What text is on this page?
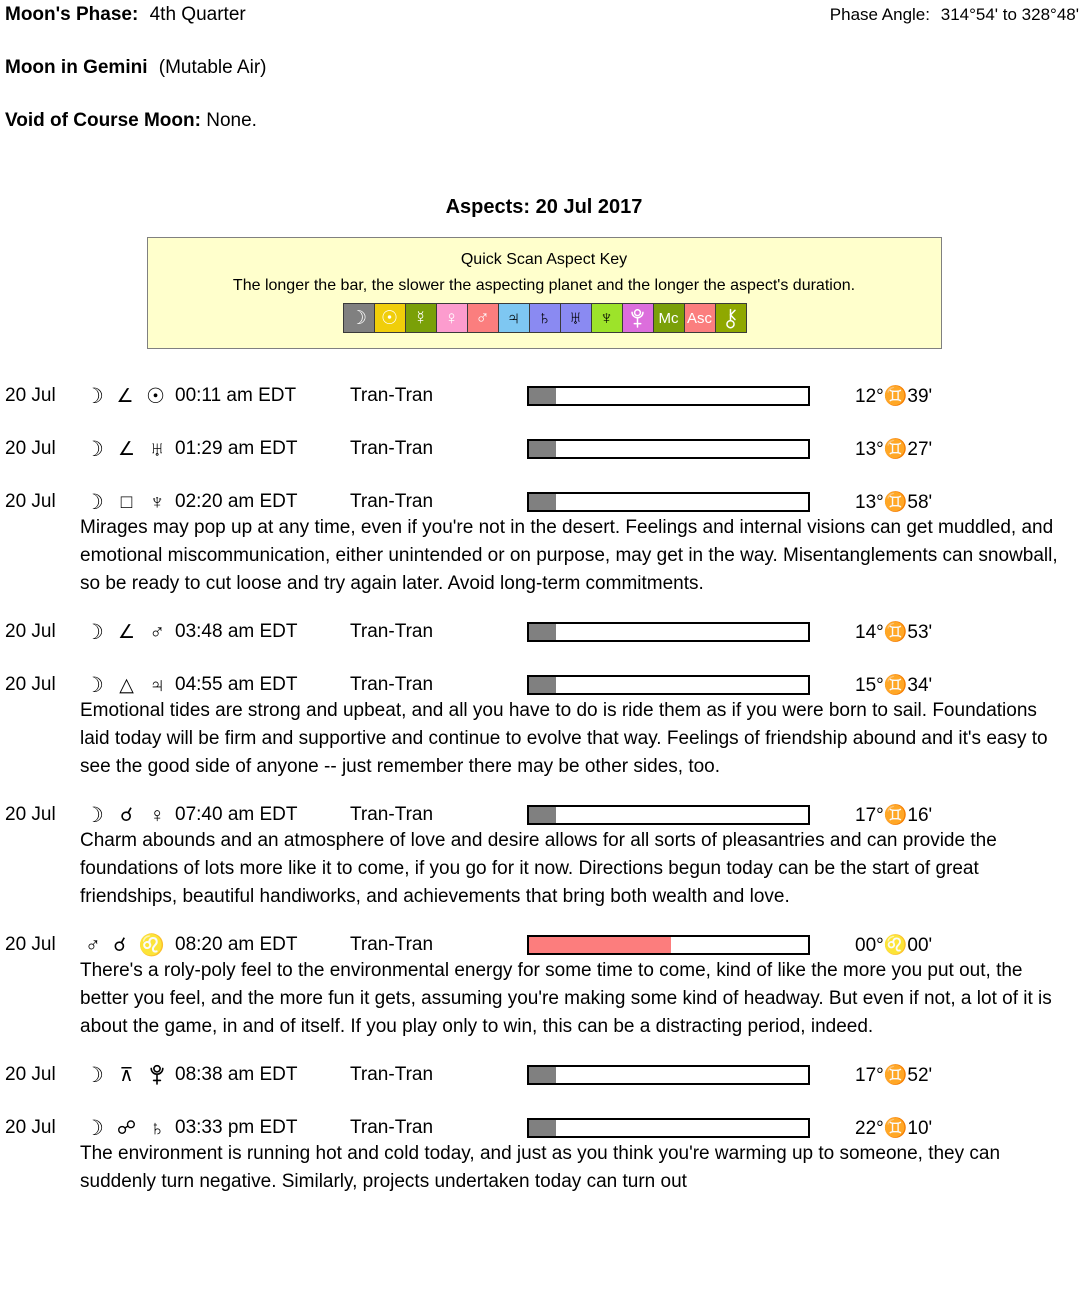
Moon's Phase: 4th Quarter	Phase Angle: 314°54' to 328°48'
Moon in Gemini (Mutable Air)
Void of Course Moon: None.
Aspects: 20 Jul 2017
Quick Scan Aspect Key
The longer the bar, the slower the aspecting planet and the longer the aspect's duration.
☽ ☉ ☿ ♀ ♂ ♃ ♄ ♅ ♆	Mc Asc
20 Jul	☽ ∠ ☉ 00:11 am EDT	Tran-Tran	12°♊39'
20 Jul	☽ ∠ ♅ 01:29 am EDT	Tran-Tran	13°♊27'
20 Jul	☽ □ ♆ 02:20 am EDT	Tran-Tran	13°♊58'
Mirages may pop up at any time, even if you're not in the desert. Feelings and internal visions can get muddled, and emotional miscommunication, either unintended or on purpose, may get in the way. Misentanglements can snowball, so be ready to cut loose and try again later. Avoid long-term commitments.
20 Jul	☽ ∠ ♂ 03:48 am EDT	Tran-Tran	14°♊53'
20 Jul	☽ △ ♃ 04:55 am EDT	Tran-Tran	15°♊34'
Emotional tides are strong and upbeat, and all you have to do is ride them as if you were born to sail. Foundations laid today will be firm and supportive and continue to evolve that way. Feelings of friendship abound and it's easy to see the good side of anyone -- just remember there may be other sides, too.
20 Jul	☽ ☌ ♀ 07:40 am EDT	Tran-Tran	17°♊16'
Charm abounds and an atmosphere of love and desire allows for all sorts of pleasantries and can provide the foundations of lots more like it to come, if you go for it now. Directions begun today can be the start of great friendships, beautiful handiworks, and achievements that bring both wealth and love.
20 Jul	♂ ☌ ♌ 08:20 am EDT	Tran-Tran	00°♌00'
There's a roly-poly feel to the environmental energy for some time to come, kind of like the more you put out, the better you feel, and the more fun it gets, assuming you're making some kind of headway. But even if not, a lot of it is about the game, in and of itself. If you play only to win, this can be a distracting period, indeed.
20 Jul	☽ ⊼ 08:38 am EDT	Tran-Tran	17°♊52'
20 Jul	☽ ☍ ♄ 03:33 pm EDT	Tran-Tran	22°♊10'
The environment is running hot and cold today, and just as you think you're warming up to someone, they can suddenly turn negative. Similarly, projects undertaken today can turn out
